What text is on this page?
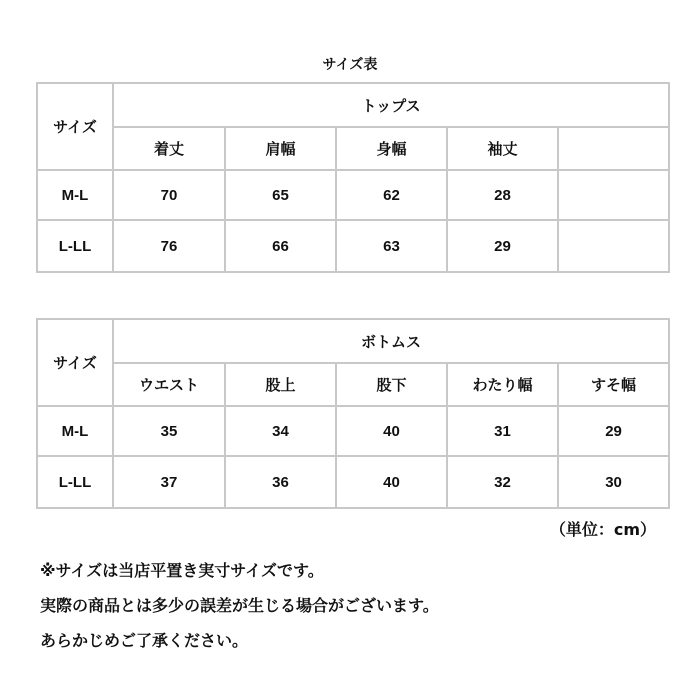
サイズ表
サイズ	トップス				
	着丈	肩幅	身幅	袖丈	
M-L	70	65	62	28	
L-LL	76	66	63	29	
サイズ	ボトムス				
	ウエスト	股上	股下	わたり幅	すそ幅
M-L	35	34	40	31	29
L-LL	37	36	40	32	30
（単位：cm）
※サイズは当店平置き実寸サイズです。
実際の商品とは多少の誤差が生じる場合がございます。
あらかじめご了承ください。
